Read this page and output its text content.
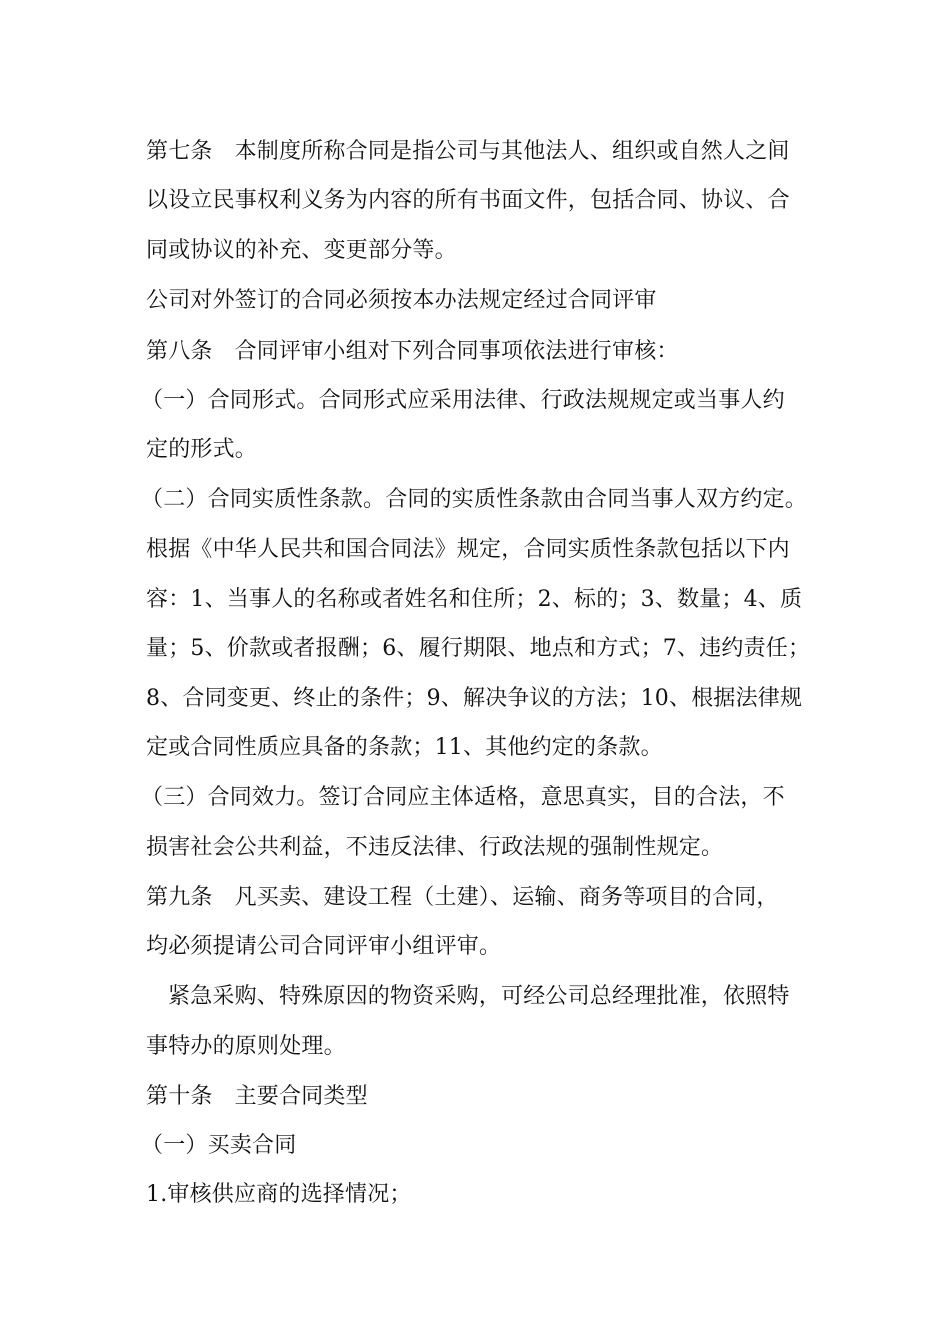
第七条 本制度所称合同是指公司与其他法人、组织或自然人之间
以设立民事权利义务为内容的所有书面文件，包括合同、协议、合
同或协议的补充、变更部分等。
公司对外签订的合同必须按本办法规定经过合同评审
第八条 合同评审小组对下列合同事项依法进行审核：
（一）合同形式。合同形式应采用法律、行政法规规定或当事人约
定的形式。
（二）合同实质性条款。合同的实质性条款由合同当事人双方约定。
根据《中华人民共和国合同法》规定，合同实质性条款包括以下内
容：1、当事人的名称或者姓名和住所；2、标的；3、数量；4、质
量；5、价款或者报酬；6、履行期限、地点和方式；7、违约责任；
8、合同变更、终止的条件；9、解决争议的方法；10、根据法律规
定或合同性质应具备的条款；11、其他约定的条款。
（三）合同效力。签订合同应主体适格，意思真实，目的合法，不
损害社会公共利益，不违反法律、行政法规的强制性规定。
第九条 凡买卖、建设工程（土建）、运输、商务等项目的合同，
均必须提请公司合同评审小组评审。
紧急采购、特殊原因的物资采购，可经公司总经理批准，依照特
事特办的原则处理。
第十条 主要合同类型
（一）买卖合同
1.审核供应商的选择情况；
